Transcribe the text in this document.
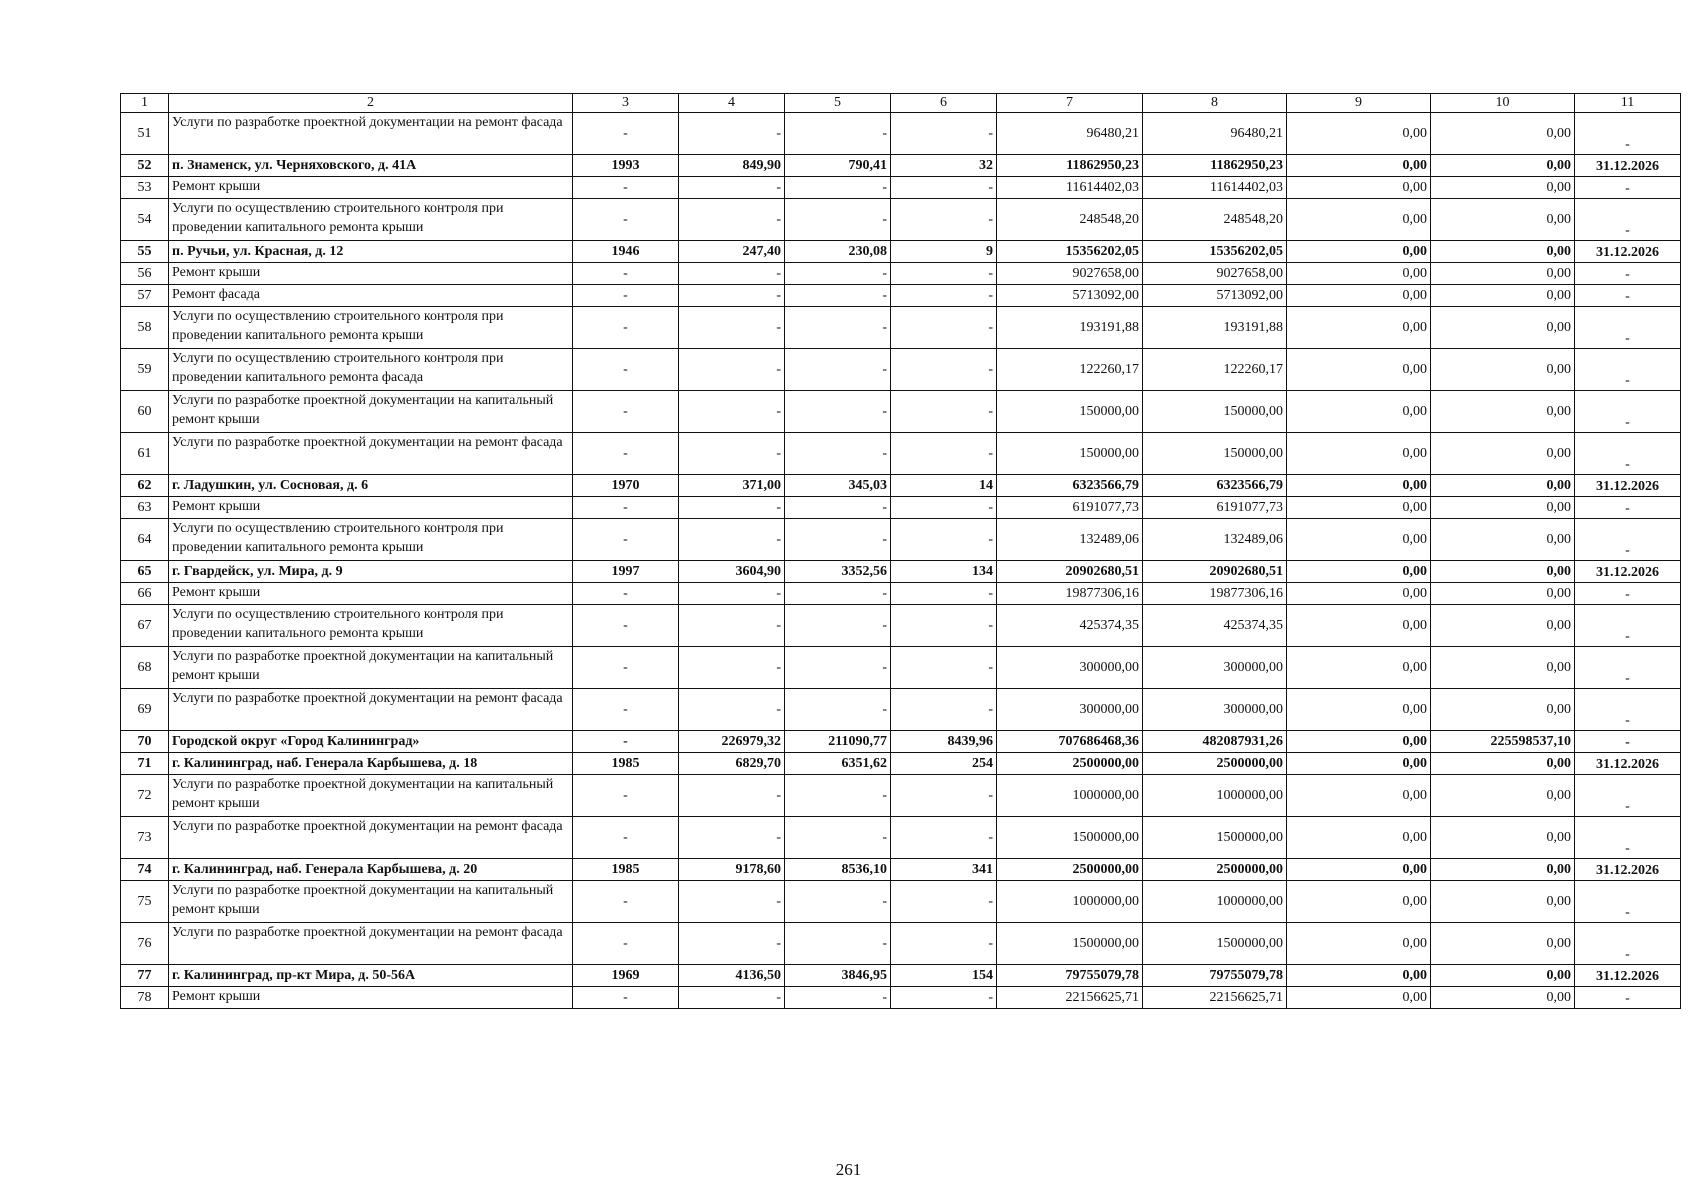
1	2	3	4	5	6	7	8	9	10	11
51	Услуги по разработке проектной документации на ремонт фасада	-	-	-	-	96480,21	96480,21	0,00	0,00	-
52	п. Знаменск, ул. Черняховского, д. 41А	1993	849,90	790,41	32	11862950,23	11862950,23	0,00	0,00	31.12.2026
53	Ремонт крыши	-	-	-	-	11614402,03	11614402,03	0,00	0,00	-
54	Услуги по осуществлению строительного контроля при проведении капитального ремонта крыши	-	-	-	-	248548,20	248548,20	0,00	0,00	-
55	п. Ручьи, ул. Красная, д. 12	1946	247,40	230,08	9	15356202,05	15356202,05	0,00	0,00	31.12.2026
56	Ремонт крыши	-	-	-	-	9027658,00	9027658,00	0,00	0,00	-
57	Ремонт фасада	-	-	-	-	5713092,00	5713092,00	0,00	0,00	-
58	Услуги по осуществлению строительного контроля при проведении капитального ремонта крыши	-	-	-	-	193191,88	193191,88	0,00	0,00	-
59	Услуги по осуществлению строительного контроля при проведении капитального ремонта фасада	-	-	-	-	122260,17	122260,17	0,00	0,00	-
60	Услуги по разработке проектной документации на капитальный ремонт крыши	-	-	-	-	150000,00	150000,00	0,00	0,00	-
61	Услуги по разработке проектной документации на ремонт фасада	-	-	-	-	150000,00	150000,00	0,00	0,00	-
62	г. Ладушкин, ул. Сосновая, д. 6	1970	371,00	345,03	14	6323566,79	6323566,79	0,00	0,00	31.12.2026
63	Ремонт крыши	-	-	-	-	6191077,73	6191077,73	0,00	0,00	-
64	Услуги по осуществлению строительного контроля при проведении капитального ремонта крыши	-	-	-	-	132489,06	132489,06	0,00	0,00	-
65	г. Гвардейск, ул. Мира, д. 9	1997	3604,90	3352,56	134	20902680,51	20902680,51	0,00	0,00	31.12.2026
66	Ремонт крыши	-	-	-	-	19877306,16	19877306,16	0,00	0,00	-
67	Услуги по осуществлению строительного контроля при проведении капитального ремонта крыши	-	-	-	-	425374,35	425374,35	0,00	0,00	-
68	Услуги по разработке проектной документации на капитальный ремонт крыши	-	-	-	-	300000,00	300000,00	0,00	0,00	-
69	Услуги по разработке проектной документации на ремонт фасада	-	-	-	-	300000,00	300000,00	0,00	0,00	-
70	Городской округ «Город Калининград»	-	226979,32	211090,77	8439,96	707686468,36	482087931,26	0,00	225598537,10	-
71	г. Калининград, наб. Генерала Карбышева, д. 18	1985	6829,70	6351,62	254	2500000,00	2500000,00	0,00	0,00	31.12.2026
72	Услуги по разработке проектной документации на капитальный ремонт крыши	-	-	-	-	1000000,00	1000000,00	0,00	0,00	-
73	Услуги по разработке проектной документации на ремонт фасада	-	-	-	-	1500000,00	1500000,00	0,00	0,00	-
74	г. Калининград, наб. Генерала Карбышева, д. 20	1985	9178,60	8536,10	341	2500000,00	2500000,00	0,00	0,00	31.12.2026
75	Услуги по разработке проектной документации на капитальный ремонт крыши	-	-	-	-	1000000,00	1000000,00	0,00	0,00	-
76	Услуги по разработке проектной документации на ремонт фасада	-	-	-	-	1500000,00	1500000,00	0,00	0,00	-
77	г. Калининград, пр-кт Мира, д. 50-56А	1969	4136,50	3846,95	154	79755079,78	79755079,78	0,00	0,00	31.12.2026
78	Ремонт крыши	-	-	-	-	22156625,71	22156625,71	0,00	0,00	-
261
